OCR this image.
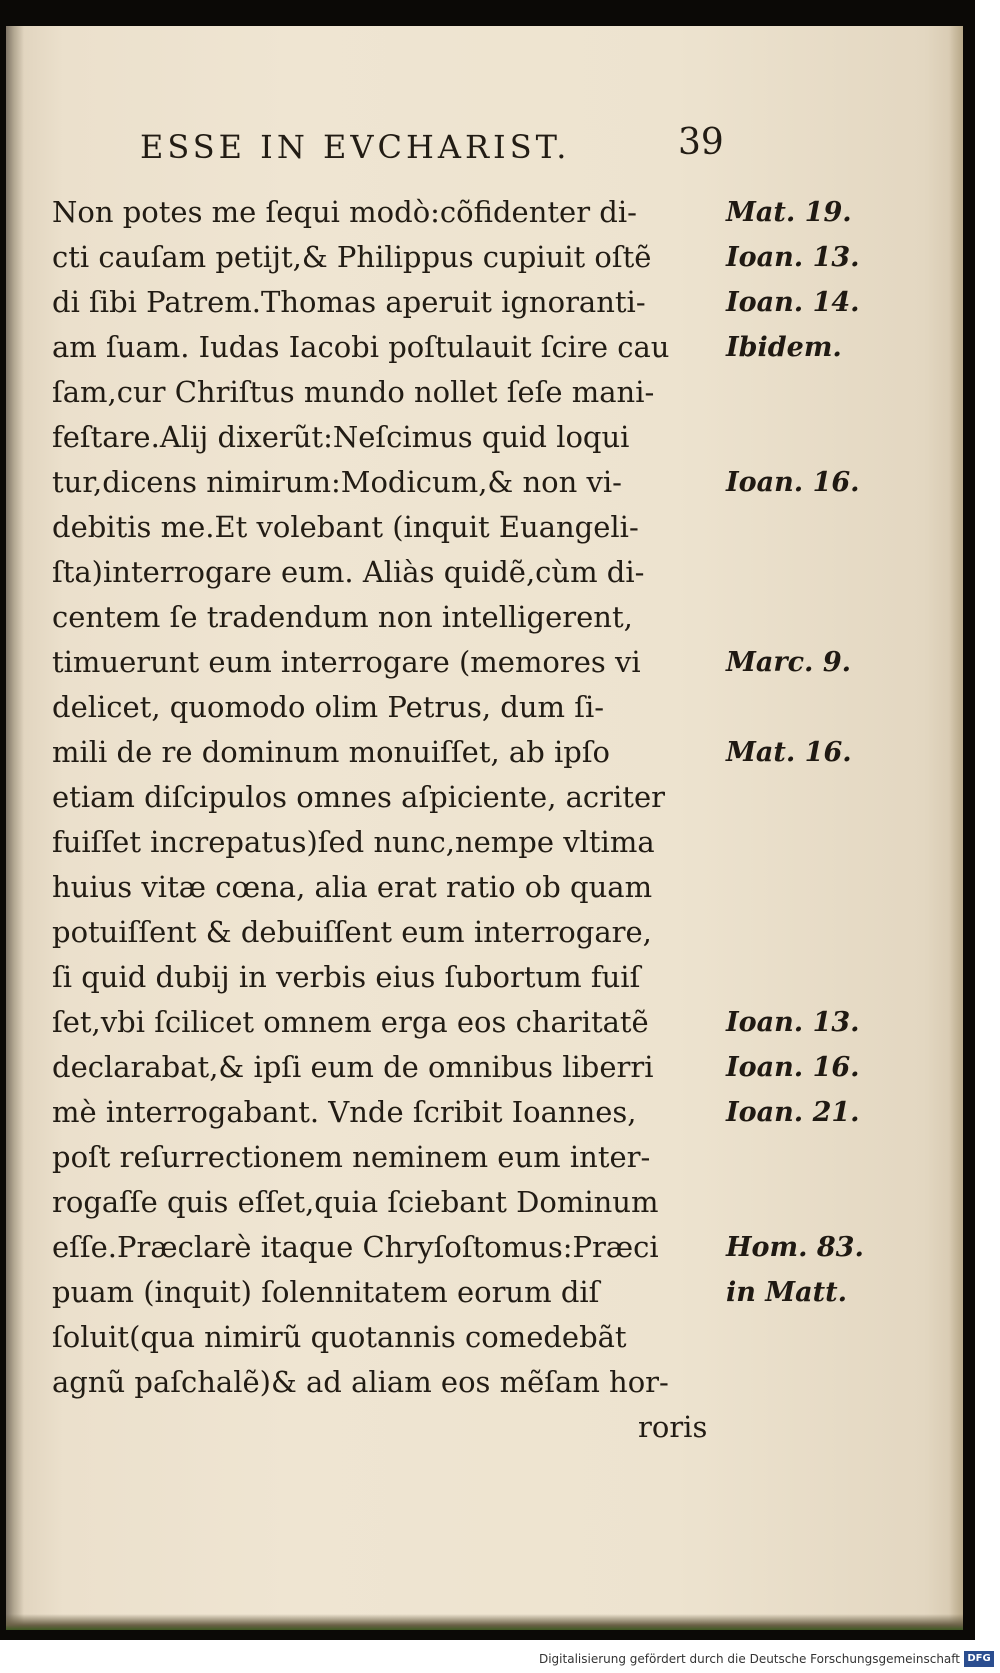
ESSE IN EVCHARIST.	39
Non potes me ſequi modò:cõfidenter di-
cti cauſam petijt,& Philippus cupiuit oſtẽ
di ſibi Patrem.Thomas aperuit ignoranti-
am ſuam. Iudas Iacobi poſtulauit ſcire cau
ſam,cur Chriſtus mundo nollet ſeſe mani-
feſtare.Alij dixerũt:Neſcimus quid loqui
tur,dicens nimirum:Modicum,& non vi-
debitis me.Et volebant (inquit Euangeli-
ſta)interrogare eum. Aliàs quidẽ,cùm di-
centem ſe tradendum non intelligerent,
timuerunt eum interrogare (memores vi
delicet, quomodo olim Petrus, dum ſi-
mili de re dominum monuiſſet, ab ipſo
etiam diſcipulos omnes aſpiciente, acriter
fuiſſet increpatus)ſed nunc,nempe vltima
huius vitæ cœna, alia erat ratio ob quam
potuiſſent & debuiſſent eum interrogare,
ſi quid dubij in verbis eius ſubortum fuiſ
ſet,vbi ſcilicet omnem erga eos charitatẽ
declarabat,& ipſi eum de omnibus liberri
mè interrogabant. Vnde ſcribit Ioannes,
poſt reſurrectionem neminem eum inter-
rogaſſe quis eſſet,quia ſciebant Dominum
eſſe.Præclarè itaque Chryſoſtomus:Præci
puam (inquit) ſolennitatem eorum diſ
ſoluit(qua nimirũ quotannis comedebãt
agnũ paſchalẽ)& ad aliam eos mẽſam hor-
roris
Mat. 19.
Ioan. 13.
Ioan. 14.
Ibidem.
Ioan. 16.
Marc. 9.
Mat. 16.
Ioan. 13.
Ioan. 16.
Ioan. 21.
Hom. 83.
in Matt.
Digitalisierung gefördert durch die Deutsche Forschungsgemeinschaft DFG
